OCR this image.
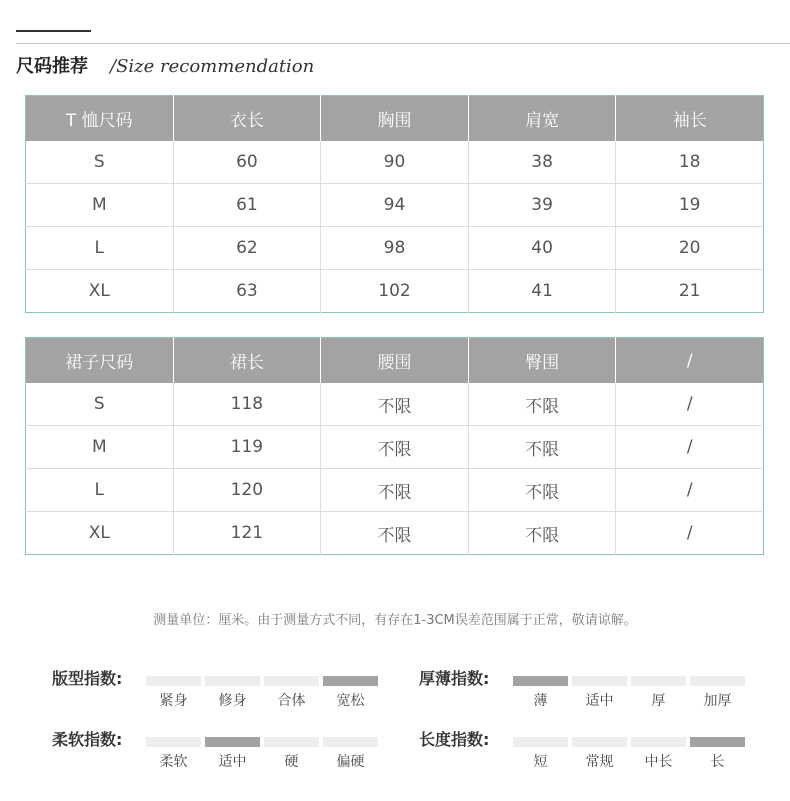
尺码推荐 /Size recommendation
T 恤尺码	衣长	胸围	肩宽	袖长
S	60	90	38	18
M	61	94	39	19
L	62	98	40	20
XL	63	102	41	21
裙子尺码	裙长	腰围	臀围	/
S	118	不限	不限	/
M	119	不限	不限	/
L	120	不限	不限	/
XL	121	不限	不限	/
测量单位：厘米。由于测量方式不同，有存在1-3CM误差范围属于正常，敬请谅解。
版型指数:
紧身	修身	合体	宽松
厚薄指数:
薄	适中	厚	加厚
柔软指数:
柔软	适中	硬	偏硬
长度指数:
短	常规	中长	长
